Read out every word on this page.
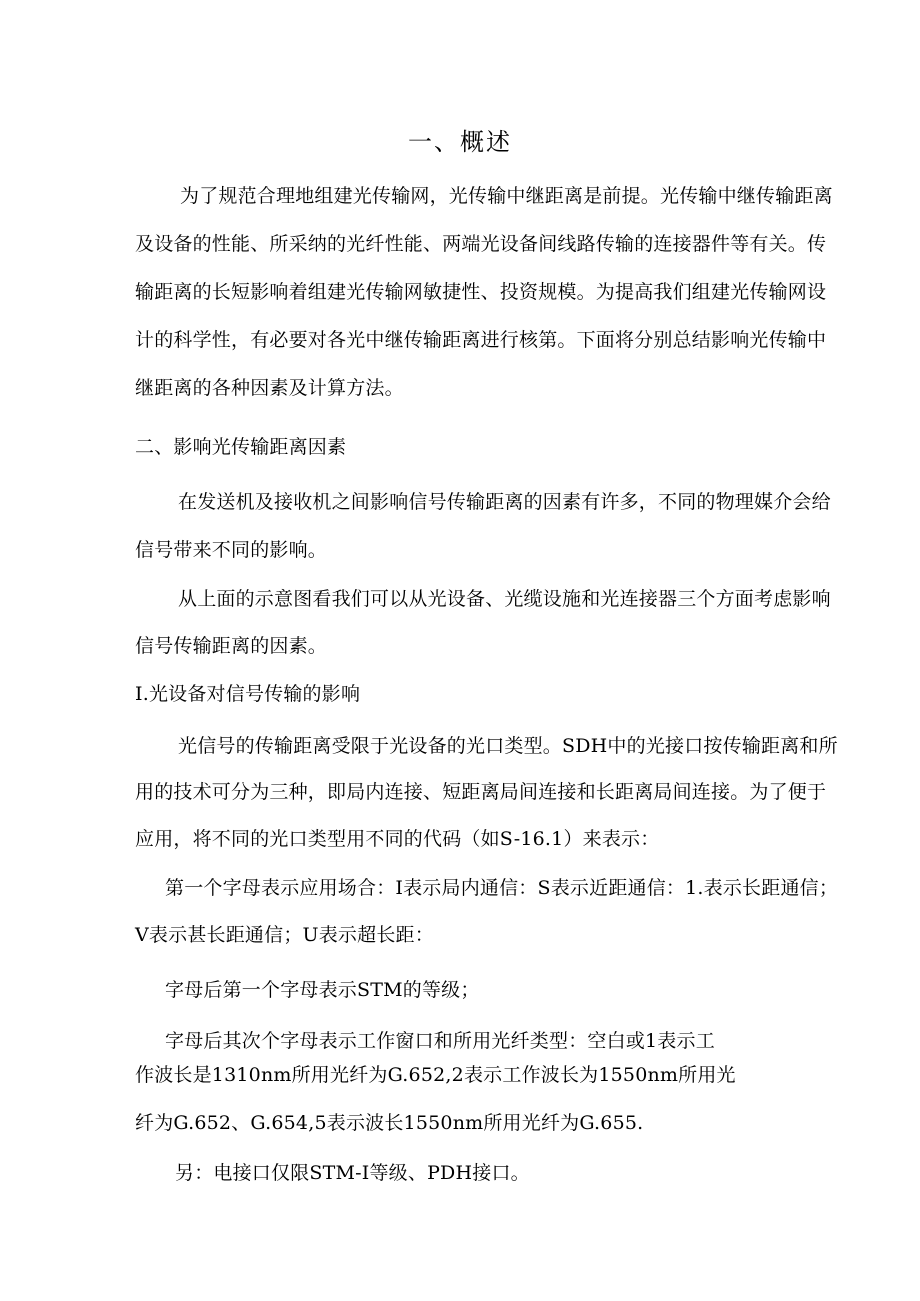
一、概述
为了规范合理地组建光传输网，光传输中继距离是前提。光传输中继传输距离
及设备的性能、所采纳的光纤性能、两端光设备间线路传输的连接器件等有关。传
输距离的长短影响着组建光传输网敏捷性、投资规模。为提高我们组建光传输网设
计的科学性，有必要对各光中继传输距离进行核第。下面将分别总结影响光传输中
继距离的各种因素及计算方法。
二、影响光传输距离因素
在发送机及接收机之间影响信号传输距离的因素有许多，不同的物理媒介会给
信号带来不同的影响。
从上面的示意图看我们可以从光设备、光缆设施和光连接器三个方面考虑影响
信号传输距离的因素。
I.光设备对信号传输的影响
光信号的传输距离受限于光设备的光口类型。SDH中的光接口按传输距离和所
用的技术可分为三种，即局内连接、短距离局间连接和长距离局间连接。为了便于
应用，将不同的光口类型用不同的代码（如S-16.1）来表示：
第一个字母表示应用场合：I表示局内通信：S表示近距通信：1.表示长距通信；
V表示甚长距通信；U表示超长距：
字母后第一个字母表示STM的等级；
字母后其次个字母表示工作窗口和所用光纤类型：空白或1表示工
作波长是1310nm所用光纤为G.652,2表示工作波长为1550nm所用光
纤为G.652、G.654,5表示波长1550nm所用光纤为G.655.
另：电接口仅限STM-I等级、PDH接口。
